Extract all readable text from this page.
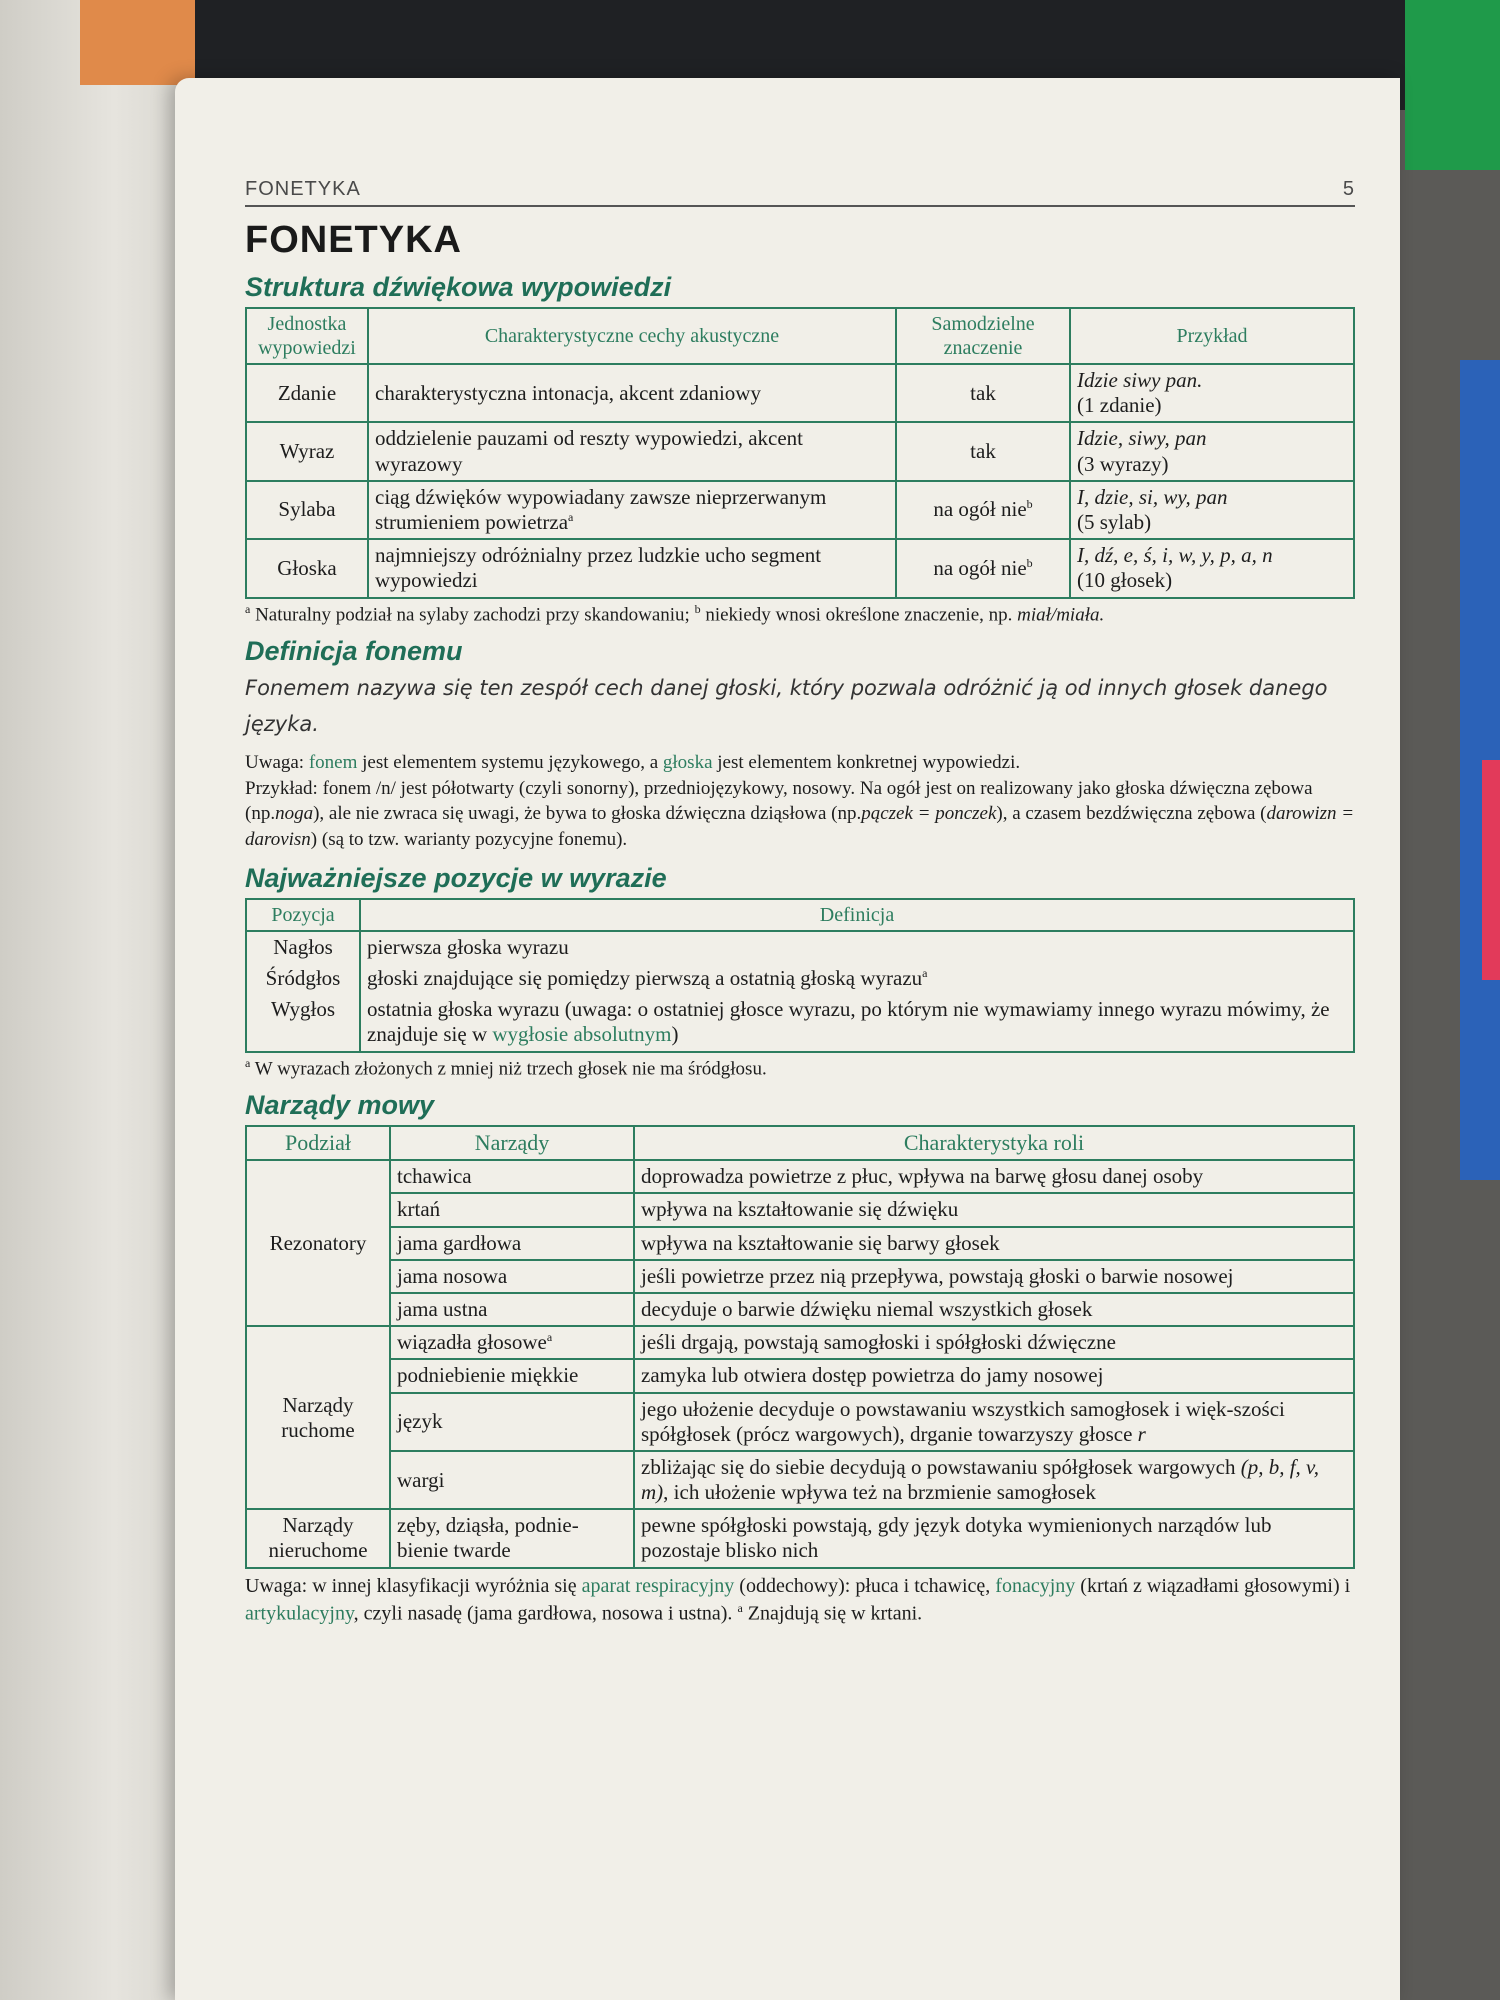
FONETYKA	5
FONETYKA
Struktura dźwiękowa wypowiedzi
Jednostka wypowiedzi	Charakterystyczne cechy akustyczne	Samodzielne znaczenie	Przykład
Zdanie	charakterystyczna intonacja, akcent zdaniowy	tak	Idzie siwy pan.
(1 zdanie)
Wyraz	oddzielenie pauzami od reszty wypowiedzi, akcent wyrazowy	tak	Idzie, siwy, pan
(3 wyrazy)
Sylaba	ciąg dźwięków wypowiadany zawsze nieprzerwanym strumieniem powietrza$^a$	na ogół nie$^b$	I, dzie, si, wy, pan
(5 sylab)
Głoska	najmniejszy odróżnialny przez ludzkie ucho segment wypowiedzi	na ogół nie$^b$	I, dź, e, ś, i, w, y, p, a, n
(10 głosek)
$^a$ Naturalny podział na sylaby zachodzi przy skandowaniu; $^b$ niekiedy wnosi określone znaczenie, np. miał/miała.
Definicja fonemu
Fonemem nazywa się ten zespół cech danej głoski, który pozwala odróżnić ją od innych głosek danego języka.
Uwaga: fonem jest elementem systemu językowego, a głoska jest elementem konkretnej wypowiedzi.
Przykład: fonem /n/ jest półotwarty (czyli sonorny), przedniojęzykowy, nosowy. Na ogół jest on realizowany jako głoska dźwięczna zębowa (np.noga), ale nie zwraca się uwagi, że bywa to głoska dźwięczna dziąsłowa (np.pączek = ponczek), a czasem bezdźwięczna zębowa (darowizn = darovisn) (są to tzw. warianty pozycyjne fonemu).
Najważniejsze pozycje w wyrazie
Pozycja	Definicja
Nagłos	pierwsza głoska wyrazu
Śródgłos	głoski znajdujące się pomiędzy pierwszą a ostatnią głoską wyrazu$^a$
Wygłos	ostatnia głoska wyrazu (uwaga: o ostatniej głosce wyrazu, po którym nie wymawiamy innego wyrazu mówimy, że znajduje się w wygłosie absolutnym)
$^a$ W wyrazach złożonych z mniej niż trzech głosek nie ma śródgłosu.
Narządy mowy
Podział	Narządy	Charakterystyka roli
Rezonatory	tchawica	doprowadza powietrze z płuc, wpływa na barwę głosu danej osoby
	krtań	wpływa na kształtowanie się dźwięku
	jama gardłowa	wpływa na kształtowanie się barwy głosek
	jama nosowa	jeśli powietrze przez nią przepływa, powstają głoski o barwie nosowej
	jama ustna	decyduje o barwie dźwięku niemal wszystkich głosek
Narządy ruchome	wiązadła głosowe$^a$	jeśli drgają, powstają samogłoski i spółgłoski dźwięczne
	podniebienie miękkie	zamyka lub otwiera dostęp powietrza do jamy nosowej
	język	jego ułożenie decyduje o powstawaniu wszystkich samogłosek i więk-szości spółgłosek (prócz wargowych), drganie towarzyszy głosce r
	wargi	zbliżając się do siebie decydują o powstawaniu spółgłosek wargowych (p, b, f, v, m), ich ułożenie wpływa też na brzmienie samogłosek
Narządy nieruchome	zęby, dziąsła, podnie-bienie twarde	pewne spółgłoski powstają, gdy język dotyka wymienionych narządów lub pozostaje blisko nich
Uwaga: w innej klasyfikacji wyróżnia się aparat respiracyjny (oddechowy): płuca i tchawicę, fonacyjny (krtań z wiązadłami głosowymi) i artykulacyjny, czyli nasadę (jama gardłowa, nosowa i ustna). $^a$ Znajdują się w krtani.
